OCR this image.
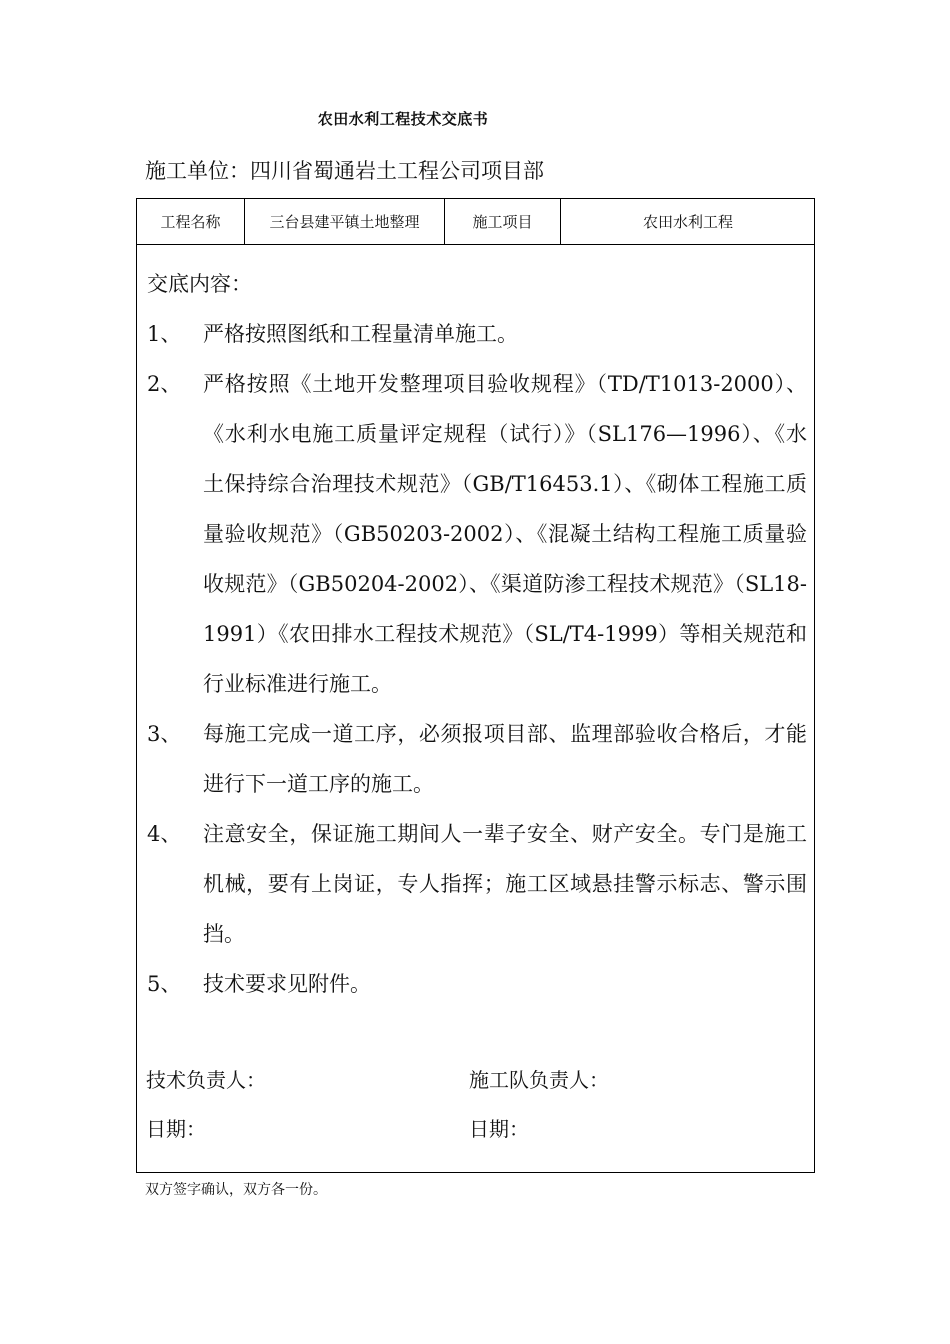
农田水利工程技术交底书
施工单位：四川省蜀通岩土工程公司项目部
工程名称	三台县建平镇土地整理	施工项目	农田水利工程
交底内容：
1、	严格按照图纸和工程量清单施工。
2、	严格按照《土地开发整理项目验收规程》（TD/T1013-2000）、《水利水电施工质量评定规程（试行）》（SL176—1996）、《水土保持综合治理技术规范》（GB/T16453.1）、《砌体工程施工质量验收规范》（GB50203-2002）、《混凝土结构工程施工质量验收规范》（GB50204-2002）、《渠道防渗工程技术规范》（SL18-1991）《农田排水工程技术规范》（SL/T4-1999）等相关规范和行业标准进行施工。
3、	每施工完成一道工序，必须报项目部、监理部验收合格后，才能进行下一道工序的施工。
4、	注意安全，保证施工期间人一辈子安全、财产安全。专门是施工机械，要有上岗证，专人指挥；施工区域悬挂警示标志、警示围挡。
5、	技术要求见附件。
技术负责人：	施工队负责人：
日期：	日期：
双方签字确认，双方各一份。
